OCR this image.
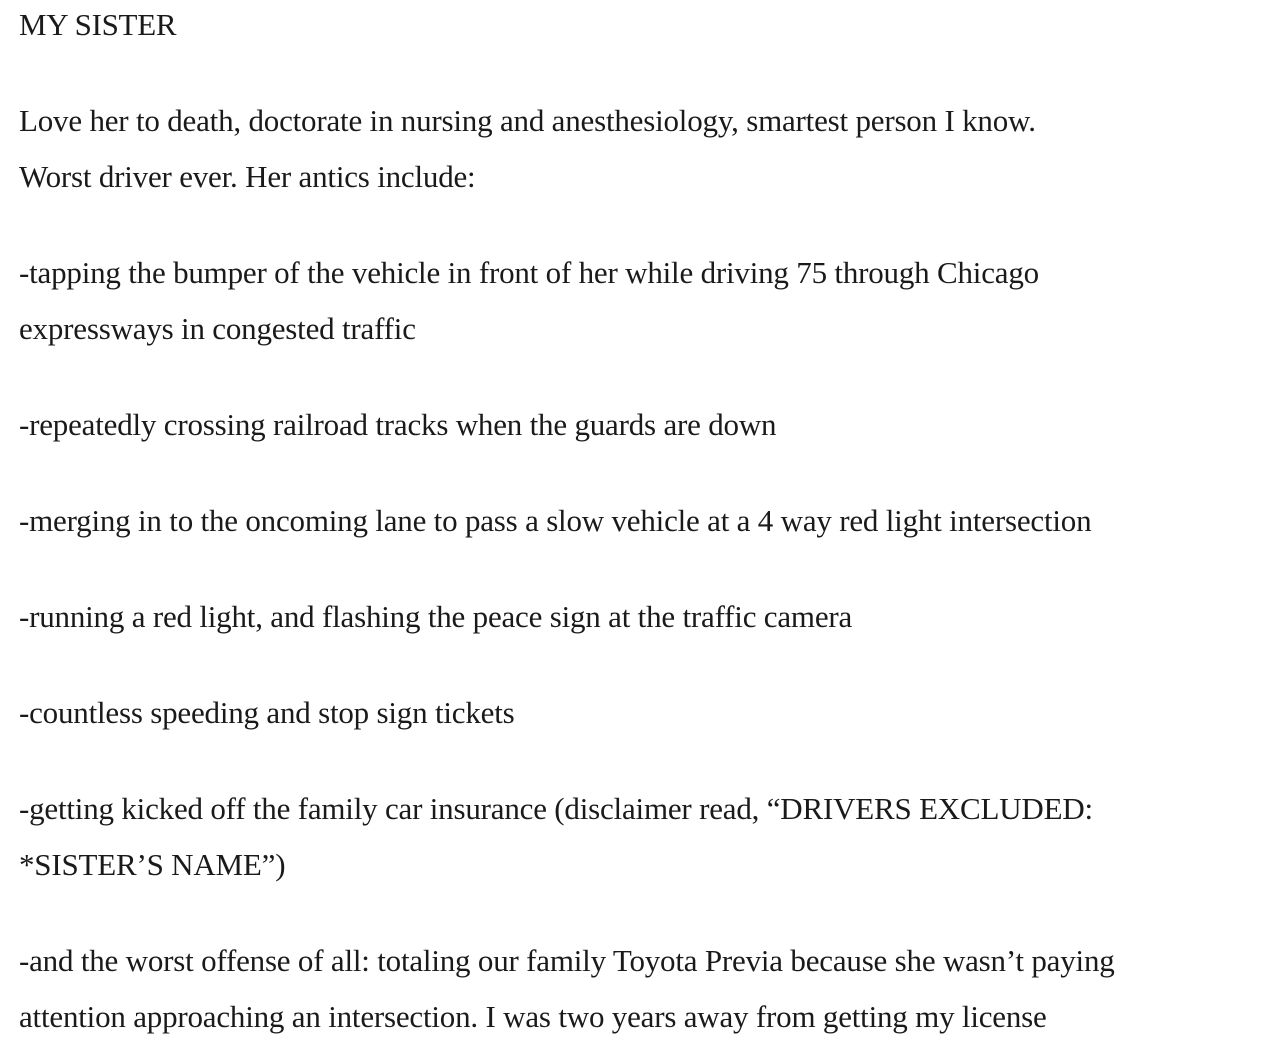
MY SISTER

Love her to death, doctorate in nursing and anesthesiology, smartest person I know.
Worst driver ever. Her antics include:

-tapping the bumper of the vehicle in front of her while driving 75 through Chicago
expressways in congested traffic

-repeatedly crossing railroad tracks when the guards are down

-merging in to the oncoming lane to pass a slow vehicle at a 4 way red light intersection

-running a red light, and flashing the peace sign at the traffic camera

-countless speeding and stop sign tickets

-getting kicked off the family car insurance (disclaimer read, “DRIVERS EXCLUDED:
*SISTER’S NAME”)

-and the worst offense of all: totaling our family Toyota Previa because she wasn’t paying
attention approaching an intersection. I was two years away from getting my license
